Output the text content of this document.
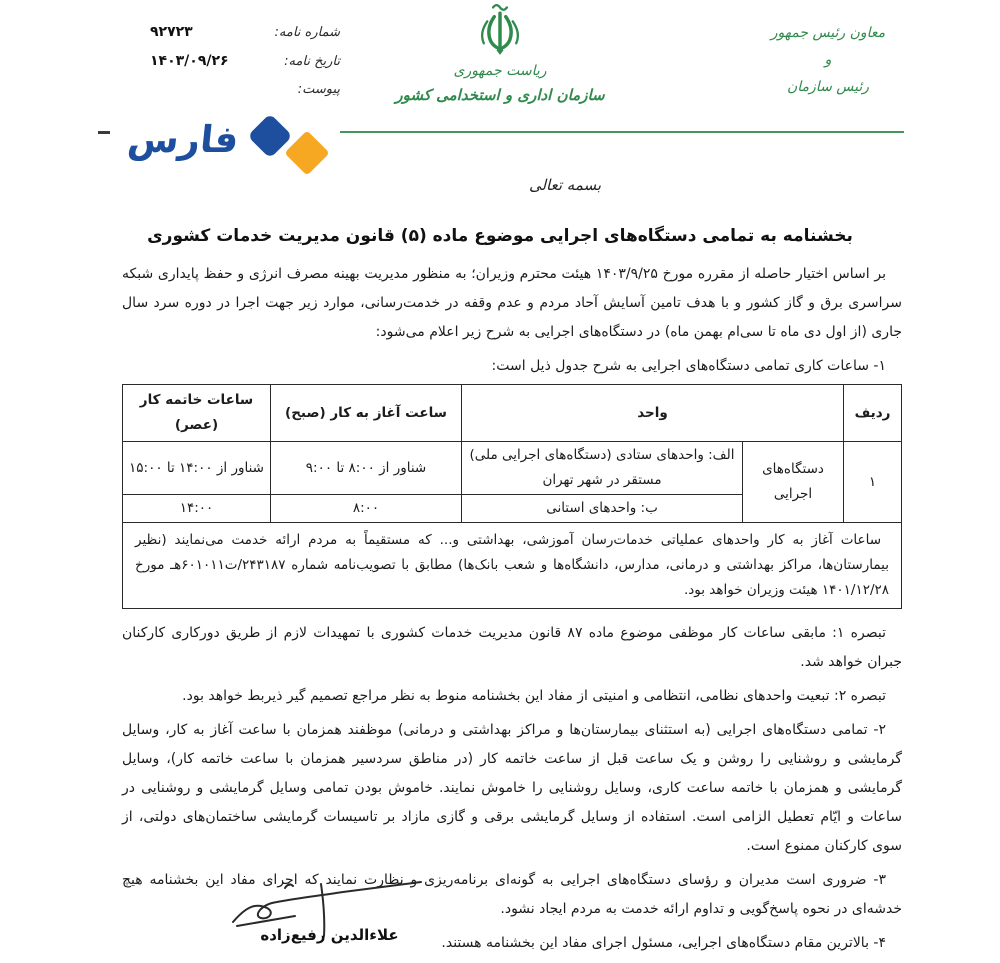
شماره نامه:
۹۲۷۲۳
تاریخ نامه:
۱۴۰۳/۰۹/۲۶
پیوست:
ریاست جمهوری
سازمان اداری و استخدامی کشور
معاون رئیس جمهور
و
رئیس سازمان
فارس
بسمه تعالی
بخشنامه به تمامی دستگاه‌های اجرایی موضوع ماده (۵) قانون مدیریت خدمات کشوری

بر اساس اختیار حاصله از مقرره مورخ ۱۴۰۳/۹/۲۵ هیئت محترم وزیران؛ به منظور مدیریت بهینه مصرف انرژی و حفظ پایداری شبکه سراسری برق و گاز کشور و با هدف تامین آسایش آحاد مردم و عدم وقفه در خدمت‌رسانی، موارد زیر جهت اجرا در دوره سرد سال جاری (از اول دی ماه تا سی‌ام بهمن ماه) در دستگاه‌های اجرایی به شرح زیر اعلام می‌شود:

۱- ساعات کاری تمامی دستگاه‌های اجرایی به شرح جدول ذیل است:

ردیف	واحد		ساعت آغاز به کار (صبح)	ساعات خاتمه کار (عصر)
۱	دستگاه‌های اجرایی	الف: واحدهای ستادی (دستگاه‌های اجرایی ملی) مستقر در شهر تهران	شناور از ۸:۰۰ تا ۹:۰۰	شناور از ۱۴:۰۰ تا ۱۵:۰۰
		ب: واحدهای استانی	۸:۰۰	۱۴:۰۰
ساعات آغاز به کار واحدهای عملیاتی خدمات‌رسان آموزشی، بهداشتی و... که مستقیماً به مردم ارائه خدمت می‌نمایند (نظیر بیمارستان‌ها، مراکز بهداشتی و درمانی، مدارس، دانشگاه‌ها و شعب بانک‌ها) مطابق با تصویب‌نامه شماره ۲۴۳۱۸۷/ت۶۰۱۰۱۱هـ مورخ ۱۴۰۱/۱۲/۲۸ هیئت وزیران خواهد بود.				

تبصره ۱: مابقی ساعات کار موظفی موضوع ماده ۸۷ قانون مدیریت خدمات کشوری با تمهیدات لازم از طریق دورکاری کارکنان جبران خواهد شد.

تبصره ۲: تبعیت واحدهای نظامی، انتظامی و امنیتی از مفاد این بخشنامه منوط به نظر مراجع تصمیم گیر ذیربط خواهد بود.

۲- تمامی دستگاه‌های اجرایی (به استثنای بیمارستان‌ها و مراکز بهداشتی و درمانی) موظفند همزمان با ساعت آغاز به کار، وسایل گرمایشی و روشنایی را روشن و یک ساعت قبل از ساعت خاتمه کار (در مناطق سردسیر همزمان با ساعت خاتمه کار)، وسایل گرمایشی و همزمان با خاتمه ساعت کاری، وسایل روشنایی را خاموش نمایند. خاموش بودن تمامی وسایل گرمایشی و روشنایی در ساعات و ایّام تعطیل الزامی است. استفاده از وسایل گرمایشی برقی و گازی مازاد بر تاسیسات گرمایشی ساختمان‌های دولتی، از سوی کارکنان ممنوع است.

۳- ضروری است مدیران و رؤسای دستگاه‌های اجرایی به گونه‌ای برنامه‌ریزی و نظارت نمایند که اجرای مفاد این بخشنامه هیچ خدشه‌ای در نحوه پاسخ‌گویی و تداوم ارائه خدمت به مردم ایجاد نشود.

۴- بالاترین مقام دستگاه‌های اجرایی، مسئول اجرای مفاد این بخشنامه هستند.

علاءالدین رفیع‌زاده
